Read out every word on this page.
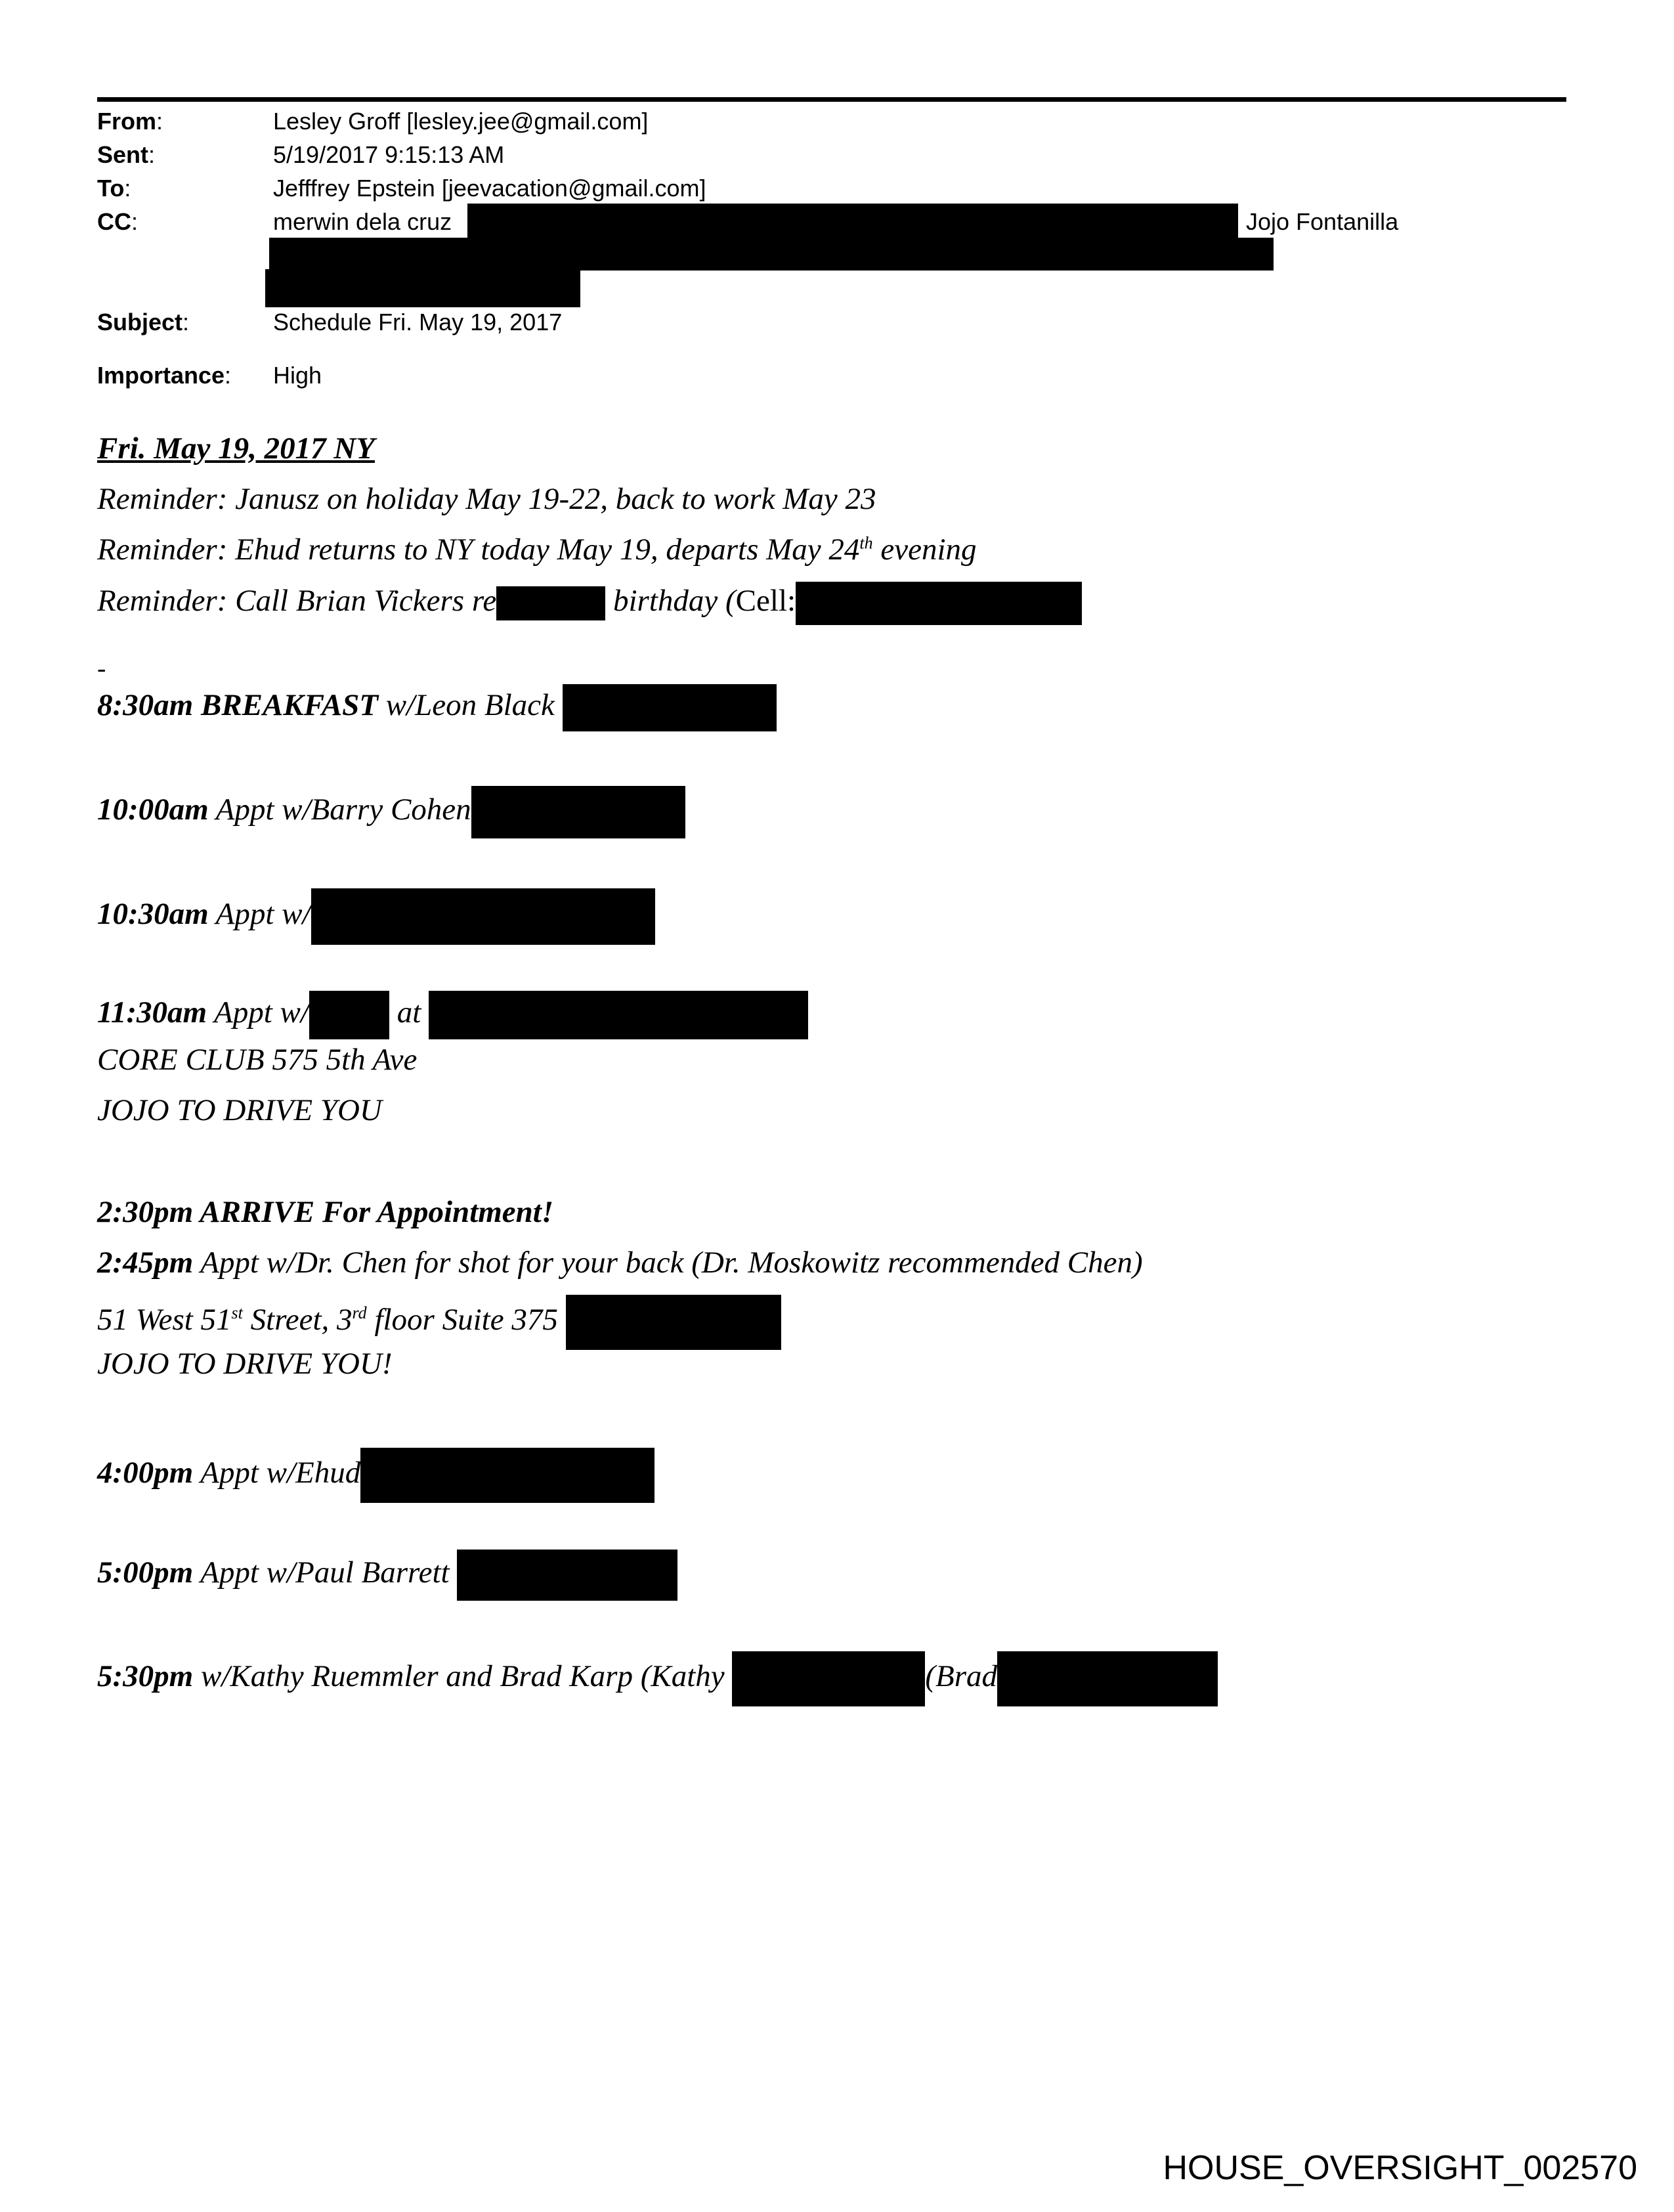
From:	Lesley Groff [lesley.jee@gmail.com]
Sent:	5/19/2017 9:15:13 AM
To:	Jefffrey Epstein [jeevacation@gmail.com]
CC:	merwin dela cruz	Jojo Fontanilla
Subject:	Schedule Fri. May 19, 2017
Importance: High
Fri. May 19, 2017 NY
Reminder: Janusz on holiday May 19-22, back to work May 23
Reminder: Ehud returns to NY today May 19, departs May 24th evening
Reminder: Call Brian Vickers re	birthday (Cell:
-
8:30am BREAKFAST w/Leon Black
10:00am Appt w/Barry Cohen
10:30am Appt w/
11:30am Appt w/	at
CORE CLUB 575 5th Ave
JOJO TO DRIVE YOU
2:30pm ARRIVE For Appointment!
2:45pm Appt w/Dr. Chen for shot for your back (Dr. Moskowitz recommended Chen)
51 West 51st Street, 3rd floor Suite 375
JOJO TO DRIVE YOU!
4:00pm Appt w/Ehud
5:00pm Appt w/Paul Barrett
5:30pm w/Kathy Ruemmler and Brad Karp (Kathy	(Brad
HOUSE_OVERSIGHT_002570
